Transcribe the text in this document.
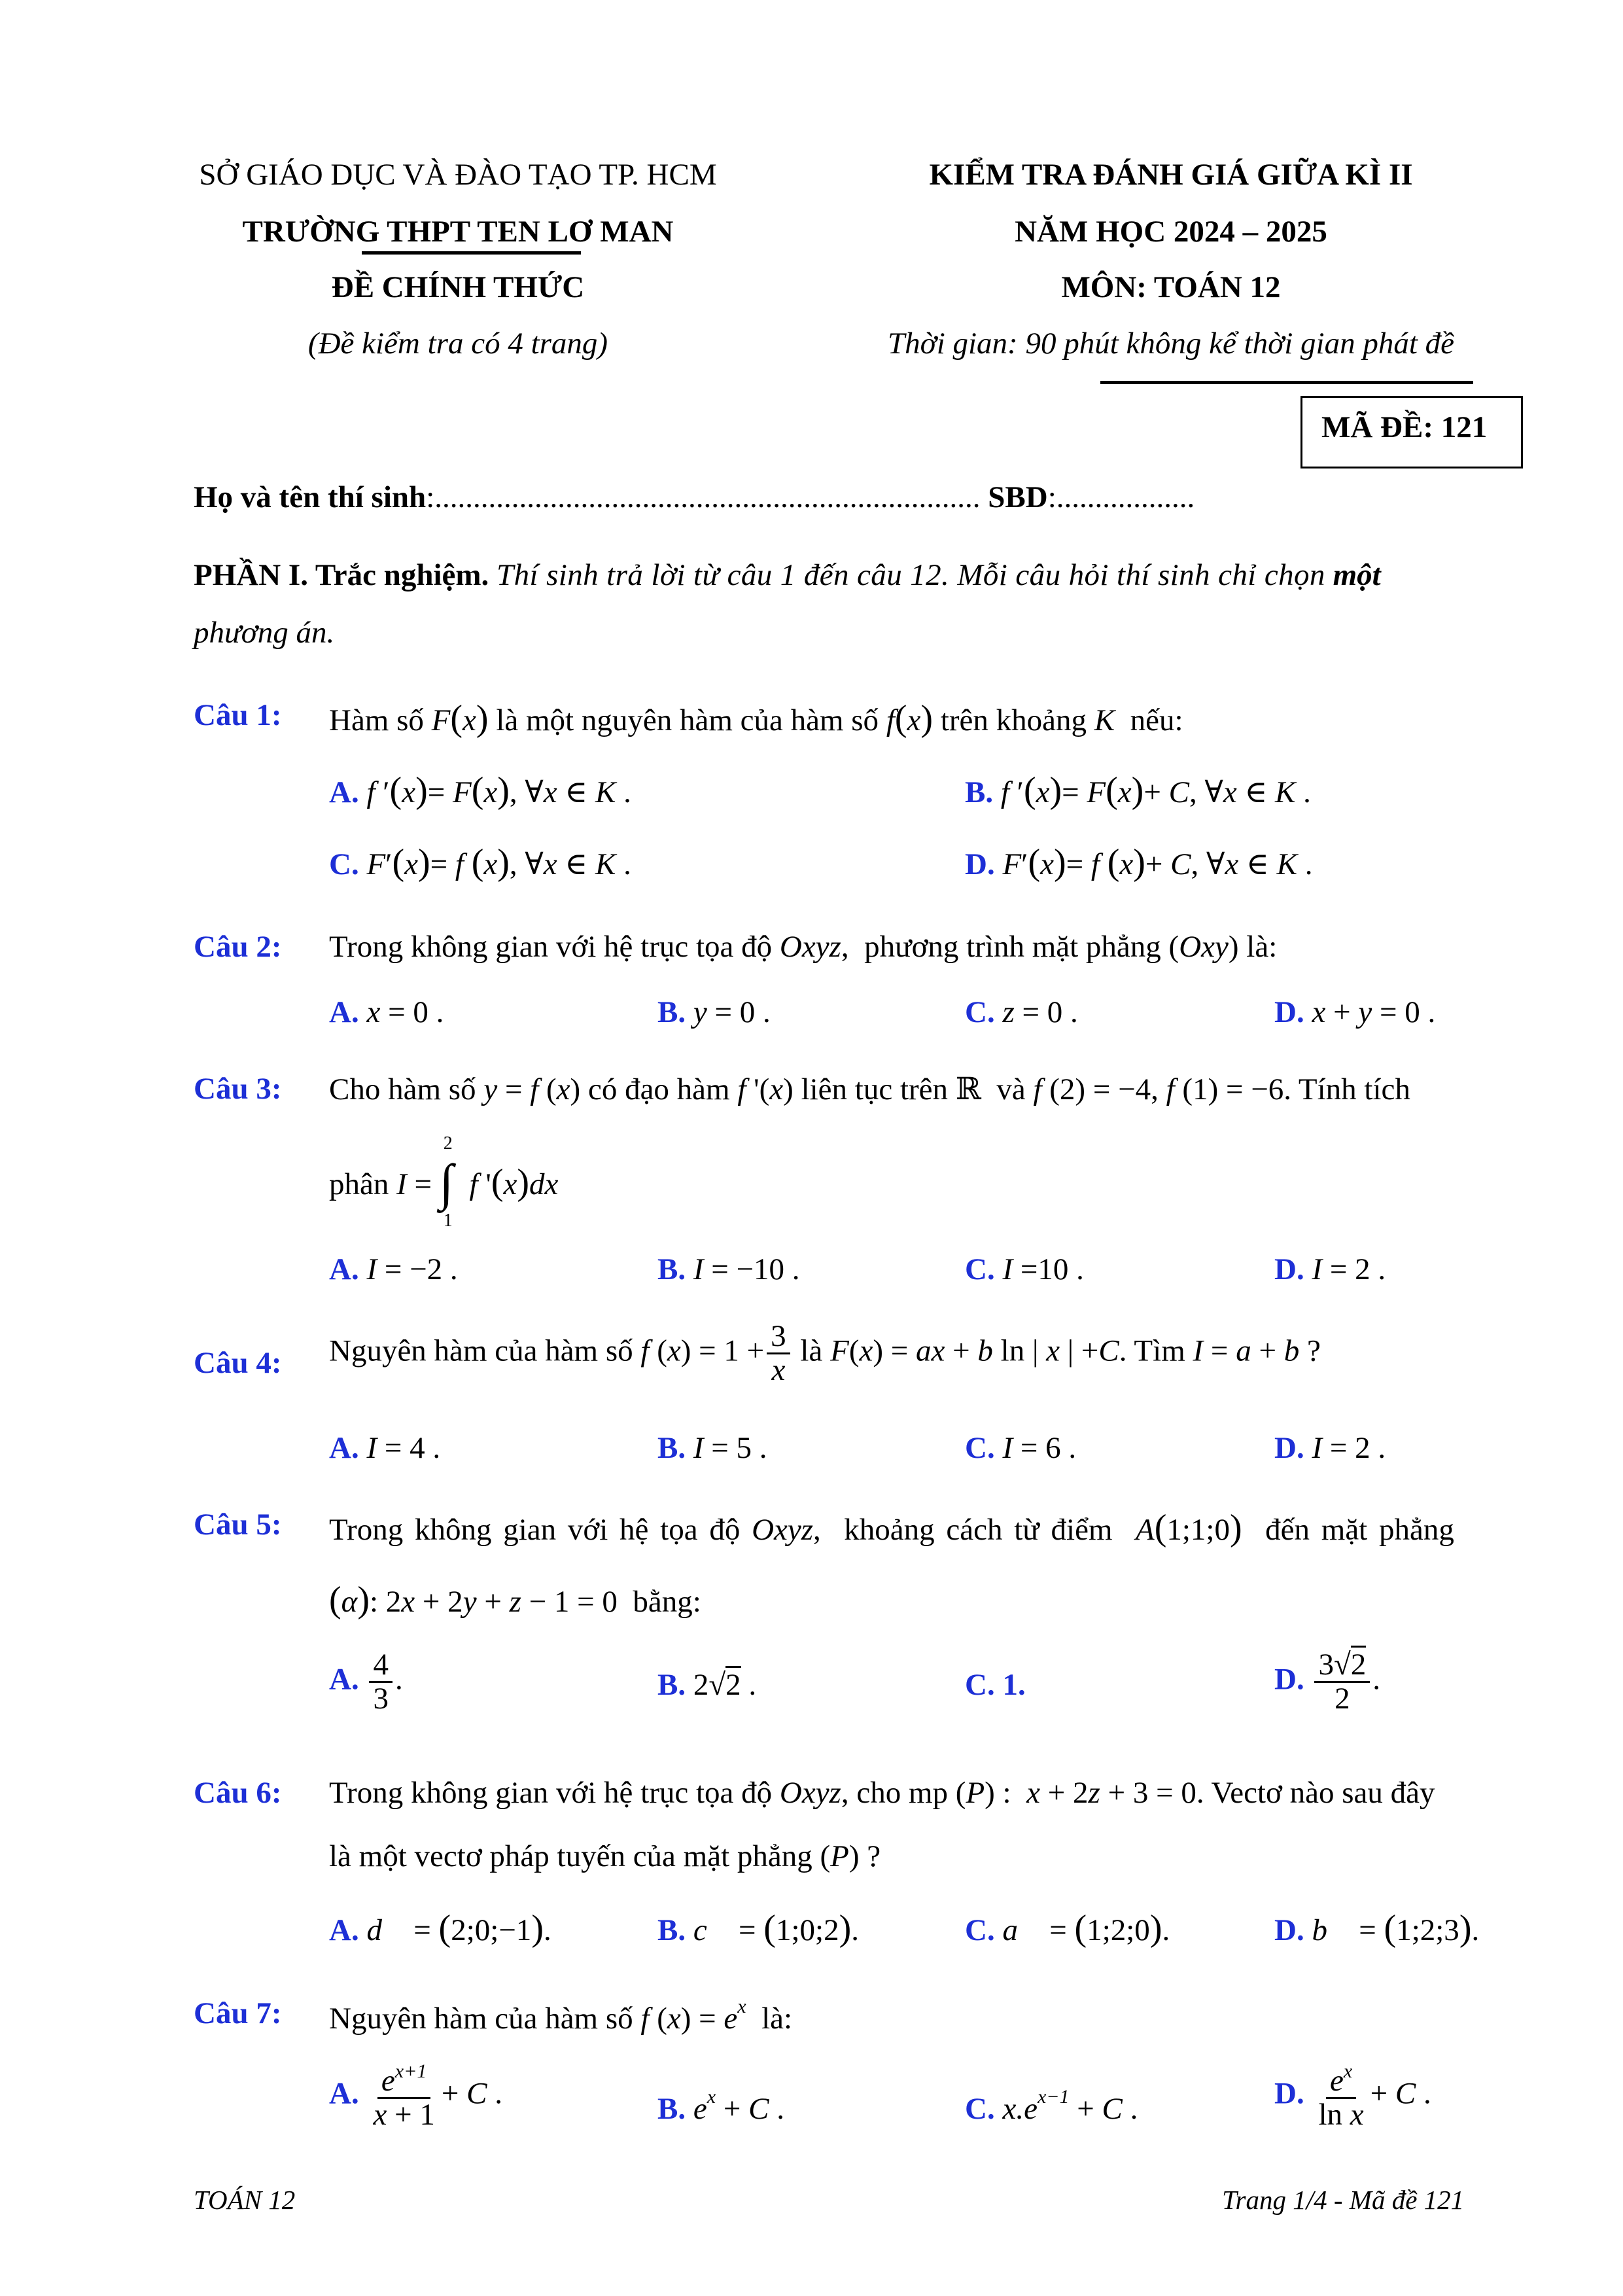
SỞ GIÁO DỤC VÀ ĐÀO TẠO TP. HCM
TRƯỜNG THPT TEN LƠ MAN
ĐỀ CHÍNH THỨC
(Đề kiểm tra có 4 trang)
KIỂM TRA ĐÁNH GIÁ GIỮA KÌ II
NĂM HỌC 2024 – 2025
MÔN: TOÁN 12
Thời gian: 90 phút không kể thời gian phát đề
MÃ ĐỀ: 121
Họ và tên thí sinh:....................................................................... SBD:..................
PHẦN I. Trắc nghiệm. Thí sinh trả lời từ câu 1 đến câu 12. Mỗi câu hỏi thí sinh chỉ chọn một
phương án.
Câu 1: Hàm số F(x) là một nguyên hàm của hàm số f(x) trên khoảng K nếu:
A. f ′(x)= F(x), ∀x ∈ K .	B. f ′(x)= F(x)+ C, ∀x ∈ K .
C. F′(x)= f (x), ∀x ∈ K .	D. F′(x)= f (x)+ C, ∀x ∈ K .
Câu 2: Trong không gian với hệ trục tọa độ Oxyz,  phương trình mặt phẳng (Oxy) là:
A. x = 0 .	B. y = 0 .	C. z = 0 .	D. x + y = 0 .
Câu 3: Cho hàm số y = f (x) có đạo hàm f '(x) liên tục trên ℝ  và f (2) = −4, f (1) = −6. Tính tích
phân I =
2
∫
1
f '(x)dx
A. I = −2 .	B. I = −10 .	C. I =10 .	D. I = 2 .
Câu 4: Nguyên hàm của hàm số f $(x) = 1 + \frac{3}{x}$ là F(x) = ax + b ln | x | +C. Tìm I = a + b ?
A. I = 4 .	B. I = 5 .	C. I = 6 .	D. I = 2 .
Câu 5: Trong không gian với hệ tọa độ Oxyz,  khoảng cách từ điểm A(1;1;0) đến mặt phẳng
(α): 2x + 2y + z − 1 = 0  bằng:
A. $\frac{4}{3}$ .	B. 2√2 .	C. 1.	D. $\frac{3√2}{2}$ .
Câu 6: Trong không gian với hệ trục tọa độ Oxyz, cho mp (P) :  x + 2z + 3 = 0. Vectơ nào sau đây
là một vectơ pháp tuyến của mặt phẳng (P) ?
A. d⃗ = (2;0;−1).	B. c⃗ = (1;0;2).	C. a⃗ = (1;2;0).	D. b⃗ = (1;2;3).
Câu 7: Nguyên hàm của hàm số f $(x) = e^x$ là:
A. $\frac{e^{x+1}}{x + 1} + C$ .	B. $e^x + C$ .	C. $x.e^{x-1} + C$ .	D. $\frac{e^x}{\text{ln x}} + C$ .
TOÁN 12	Trang 1/4 - Mã đề 121
